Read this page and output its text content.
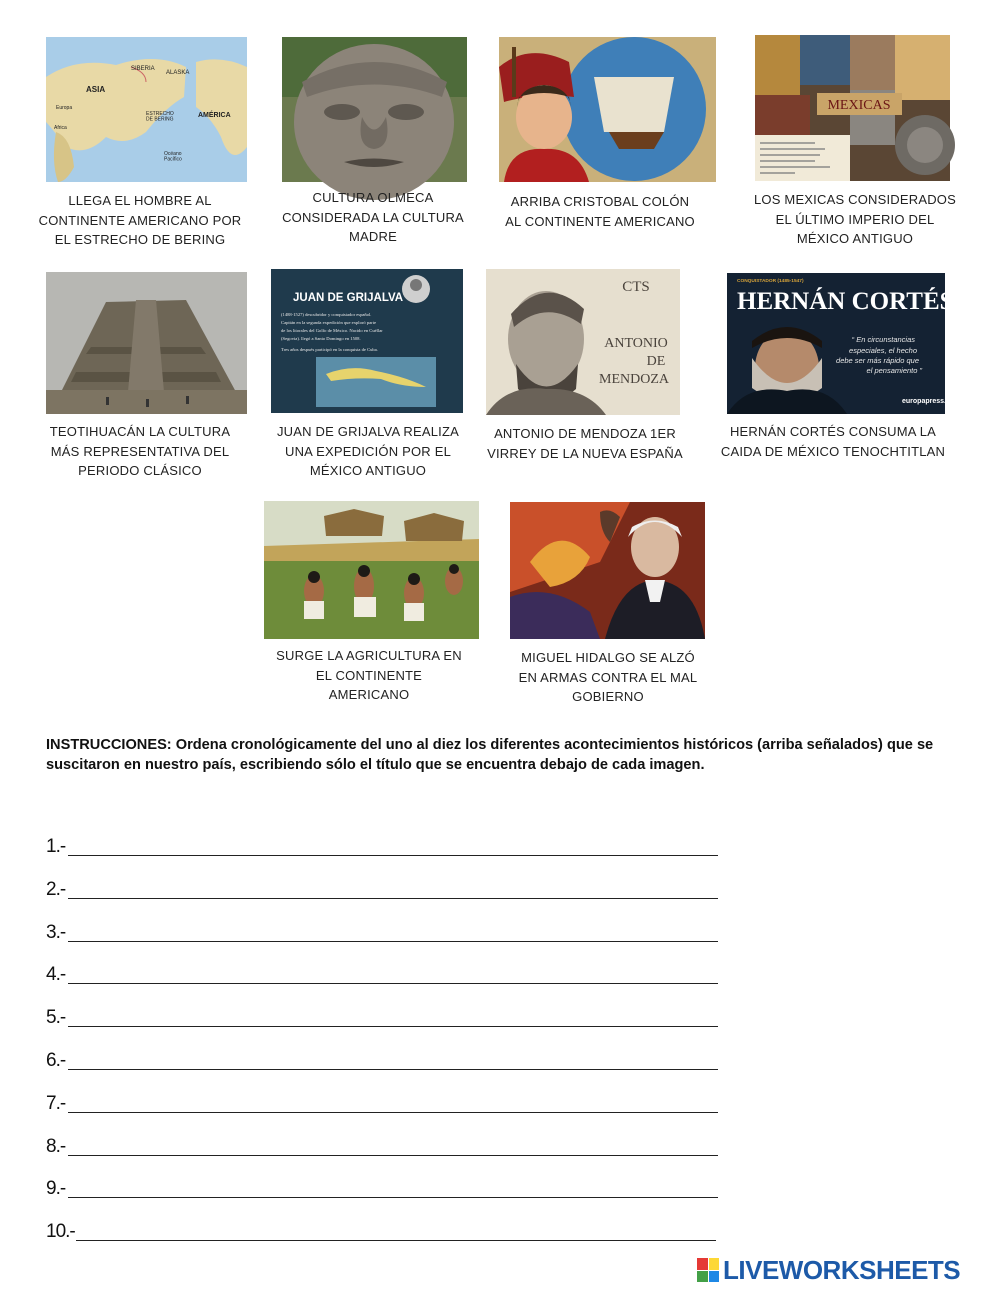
SIBERIA
ALASKA
ASIA
AMÉRICA
Europa
ESTRECHO DE BERING
Africa
Océano Pacífico
LLEGA EL HOMBRE AL
CONTINENTE AMERICANO POR
EL ESTRECHO DE BERING
CULTURA OLMECA
CONSIDERADA LA CULTURA
MADRE
ARRIBA CRISTOBAL COLÓN
AL CONTINENTE AMERICANO
MEXICAS
LOS MEXICAS CONSIDERADOS
EL ÚLTIMO IMPERIO DEL
MÉXICO ANTIGUO
TEOTIHUACÁN LA CULTURA
MÁS REPRESENTATIVA DEL
PERIODO CLÁSICO
JUAN DE GRIJALVA
(1488-1527) descubridor y conquistador español.
Capitán en la segunda expedición que exploró parte
de los litorales del Golfo de México. Nacido en Cuéllar
(Segovia). llegó a Santo Domingo en 1508.
Tres años después participó en la conquista de Cuba.
JUAN DE GRIJALVA REALIZA
UNA EXPEDICIÓN POR EL
MÉXICO ANTIGUO
CTS
ANTONIO
DE
MENDOZA
ANTONIO DE MENDOZA 1ER
VIRREY DE LA NUEVA ESPAÑA
CONQUISTADOR (1485-1547)
HERNÁN CORTÉS
“ En circunstancias
especiales, el hecho
debe ser más rápido que
el pensamiento ”
europapress.es
HERNÁN CORTÉS CONSUMA LA
CAIDA DE MÉXICO TENOCHTITLAN
SURGE LA AGRICULTURA EN
EL CONTINENTE
AMERICANO
MIGUEL HIDALGO SE ALZÓ
EN ARMAS CONTRA EL MAL
GOBIERNO
INSTRUCCIONES: Ordena cronológicamente del uno al diez los diferentes acontecimientos históricos (arriba señalados) que se suscitaron en nuestro país, escribiendo sólo el título que se encuentra debajo de cada imagen.
1.-
2.-
3.-
4.-
5.-
6.-
7.-
8.-
9.-
10.-
LIVEWORKSHEETS
